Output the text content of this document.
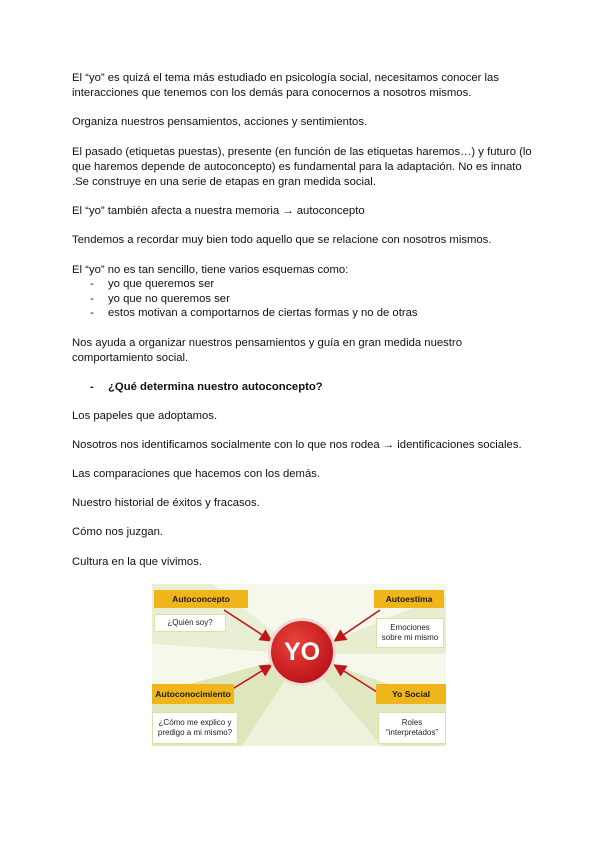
El “yo” es quizá el tema más estudiado en psicología social, necesitamos conocer las

interacciones que tenemos con los demás para conocernos a nosotros mismos.

Organiza nuestros pensamientos, acciones y sentimientos.

El pasado (etiquetas puestas), presente (en función de las etiquetas haremos…) y futuro (lo

que haremos depende de autoconcepto) es fundamental para la adaptación. No es innato

.Se construye en una serie de etapas en gran medida social.

El “yo” también afecta a nuestra memoria → autoconcepto

Tendemos a recordar muy bien todo aquello que se relacione con nosotros mismos.

El “yo” no es tan sencillo, tiene varios esquemas como:

- yo que queremos ser
- yo que no queremos ser
- estos motivan a comportarnos de ciertas formas y no de otras

Nos ayuda a organizar nuestros pensamientos y guía en gran medida nuestro

comportamiento social.

- ¿Qué determina nuestro autoconcepto?

Los papeles que adoptamos.

Nosotros nos identificamos socialmente con lo que nos rodea → identificaciones sociales.

Las comparaciones que hacemos con los demás.

Nuestro historial de éxitos y fracasos.

Cómo nos juzgan.

Cultura en la que vivimos.

Autoconcepto
¿Quién soy?
Autoestima
Emociones
sobre mi mismo
YO
Autoconocimiento
¿Cómo me explico y
predigo a mi mismo?
Yo Social
Roles
“interpretados”
